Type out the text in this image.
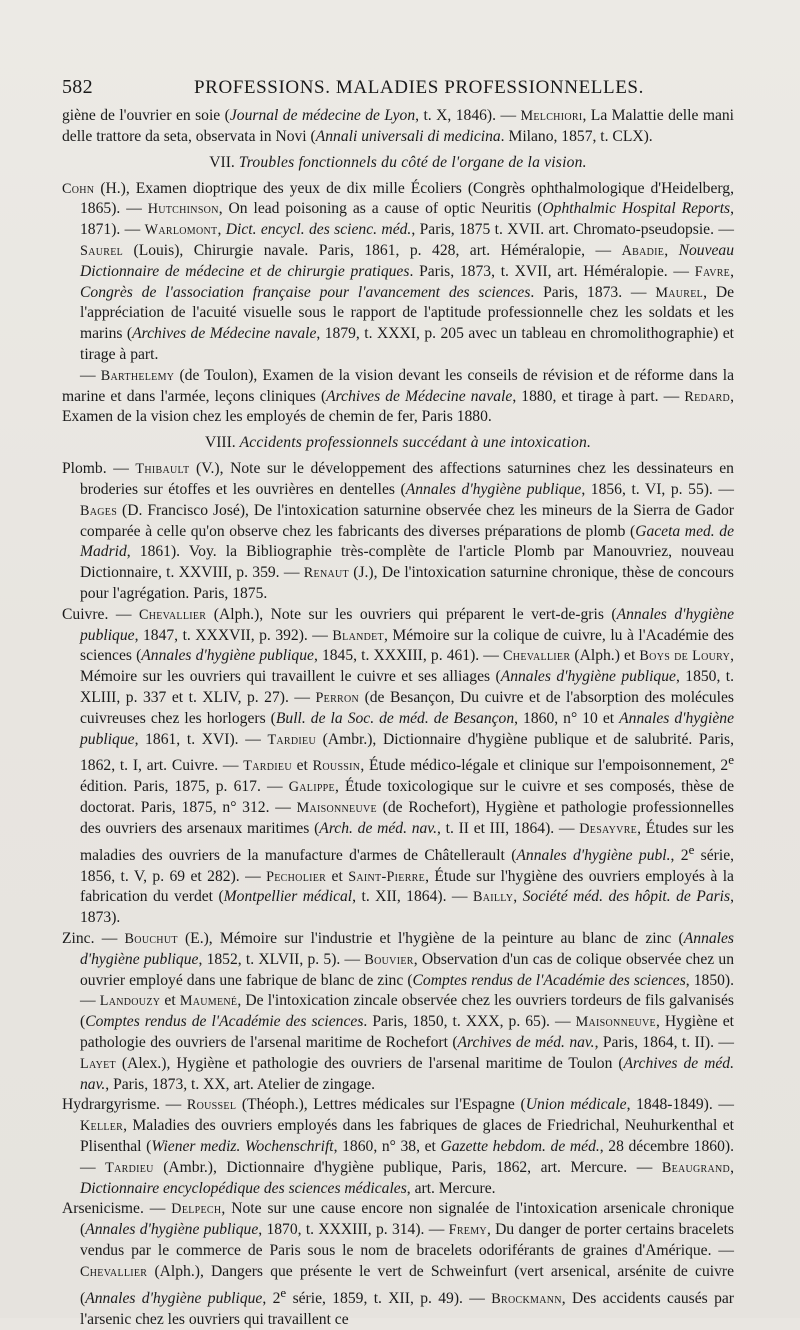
582	PROFESSIONS. MALADIES PROFESSIONNELLES.

giène de l'ouvrier en soie (Journal de médecine de Lyon, t. X, 1846). — Melchiori, La Malattie delle mani delle trattore da seta, observata in Novi (Annali universali di medicina. Milano, 1857, t. CLX).

VII. Troubles fonctionnels du côté de l'organe de la vision.

Cohn (H.), Examen dioptrique des yeux de dix mille Écoliers (Congrès ophthalmologique d'Heidelberg, 1865). — Hutchinson, On lead poisoning as a cause of optic Neuritis (Ophthalmic Hospital Reports, 1871). — Warlomont, Dict. encycl. des scienc. méd., Paris, 1875 t. XVII. art. Chromato-pseudopsie. — Saurel (Louis), Chirurgie navale. Paris, 1861, p. 428, art. Héméralopie, — Abadie, Nouveau Dictionnaire de médecine et de chirurgie pratiques. Paris, 1873, t. XVII, art. Héméralopie. — Favre, Congrès de l'association française pour l'avancement des sciences. Paris, 1873. — Maurel, De l'appréciation de l'acuité visuelle sous le rapport de l'aptitude professionnelle chez les soldats et les marins (Archives de Médecine navale, 1879, t. XXXI, p. 205 avec un tableau en chromolithographie) et tirage à part.

— Barthelemy (de Toulon), Examen de la vision devant les conseils de révision et de réforme dans la marine et dans l'armée, leçons cliniques (Archives de Médecine navale, 1880, et tirage à part. — Redard, Examen de la vision chez les employés de chemin de fer, Paris 1880.

VIII. Accidents professionnels succédant à une intoxication.

Plomb. — Thibault (V.), Note sur le développement des affections saturnines chez les dessinateurs en broderies sur étoffes et les ouvrières en dentelles (Annales d'hygiène publique, 1856, t. VI, p. 55). — Bages (D. Francisco José), De l'intoxication saturnine observée chez les mineurs de la Sierra de Gador comparée à celle qu'on observe chez les fabricants des diverses préparations de plomb (Gaceta med. de Madrid, 1861). Voy. la Bibliographie très-complète de l'article Plomb par Manouvriez, nouveau Dictionnaire, t. XXVIII, p. 359. — Renaut (J.), De l'intoxication saturnine chronique, thèse de concours pour l'agrégation. Paris, 1875.

Cuivre. — Chevallier (Alph.), Note sur les ouvriers qui préparent le vert-de-gris (Annales d'hygiène publique, 1847, t. XXXVII, p. 392). — Blandet, Mémoire sur la colique de cuivre, lu à l'Académie des sciences (Annales d'hygiène publique, 1845, t. XXXIII, p. 461). — Chevallier (Alph.) et Boys de Loury, Mémoire sur les ouvriers qui travaillent le cuivre et ses alliages (Annales d'hygiène publique, 1850, t. XLIII, p. 337 et t. XLIV, p. 27). — Perron (de Besançon, Du cuivre et de l'absorption des molécules cuivreuses chez les horlogers (Bull. de la Soc. de méd. de Besançon, 1860, n° 10 et Annales d'hygiène publique, 1861, t. XVI). — Tardieu (Ambr.), Dictionnaire d'hygiène publique et de salubrité. Paris, 1862, t. I, art. Cuivre. — Tardieu et Roussin, Étude médico-légale et clinique sur l'empoisonnement, 2e édition. Paris, 1875, p. 617. — Galippe, Étude toxicologique sur le cuivre et ses composés, thèse de doctorat. Paris, 1875, n° 312. — Maisonneuve (de Rochefort), Hygiène et pathologie professionnelles des ouvriers des arsenaux maritimes (Arch. de méd. nav., t. II et III, 1864). — Desayvre, Études sur les maladies des ouvriers de la manufacture d'armes de Châtellerault (Annales d'hygiène publ., 2e série, 1856, t. V, p. 69 et 282). — Pecholier et Saint-Pierre, Étude sur l'hygiène des ouvriers employés à la fabrication du verdet (Montpellier médical, t. XII, 1864). — Bailly, Société méd. des hôpit. de Paris, 1873).

Zinc. — Bouchut (E.), Mémoire sur l'industrie et l'hygiène de la peinture au blanc de zinc (Annales d'hygiène publique, 1852, t. XLVII, p. 5). — Bouvier, Observation d'un cas de colique observée chez un ouvrier employé dans une fabrique de blanc de zinc (Comptes rendus de l'Académie des sciences, 1850). — Landouzy et Maumené, De l'intoxication zincale observée chez les ouvriers tordeurs de fils galvanisés (Comptes rendus de l'Académie des sciences. Paris, 1850, t. XXX, p. 65). — Maisonneuve, Hygiène et pathologie des ouvriers de l'arsenal maritime de Rochefort (Archives de méd. nav., Paris, 1864, t. II). — Layet (Alex.), Hygiène et pathologie des ouvriers de l'arsenal maritime de Toulon (Archives de méd. nav., Paris, 1873, t. XX, art. Atelier de zingage.

Hydrargyrisme. — Roussel (Théoph.), Lettres médicales sur l'Espagne (Union médicale, 1848-1849). — Keller, Maladies des ouvriers employés dans les fabriques de glaces de Friedrichal, Neuhurkenthal et Plisenthal (Wiener mediz. Wochenschrift, 1860, n° 38, et Gazette hebdom. de méd., 28 décembre 1860). — Tardieu (Ambr.), Dictionnaire d'hygiène publique, Paris, 1862, art. Mercure. — Beaugrand, Dictionnaire encyclopédique des sciences médicales, art. Mercure.

Arsenicisme. — Delpech, Note sur une cause encore non signalée de l'intoxication arsenicale chronique (Annales d'hygiène publique, 1870, t. XXXIII, p. 314). — Fremy, Du danger de porter certains bracelets vendus par le commerce de Paris sous le nom de bracelets odoriférants de graines d'Amérique. — Chevallier (Alph.), Dangers que présente le vert de Schweinfurt (vert arsenical, arsénite de cuivre (Annales d'hygiène publique, 2e série, 1859, t. XII, p. 49). — Brockmann, Des accidents causés par l'arsenic chez les ouvriers qui travaillent ce
